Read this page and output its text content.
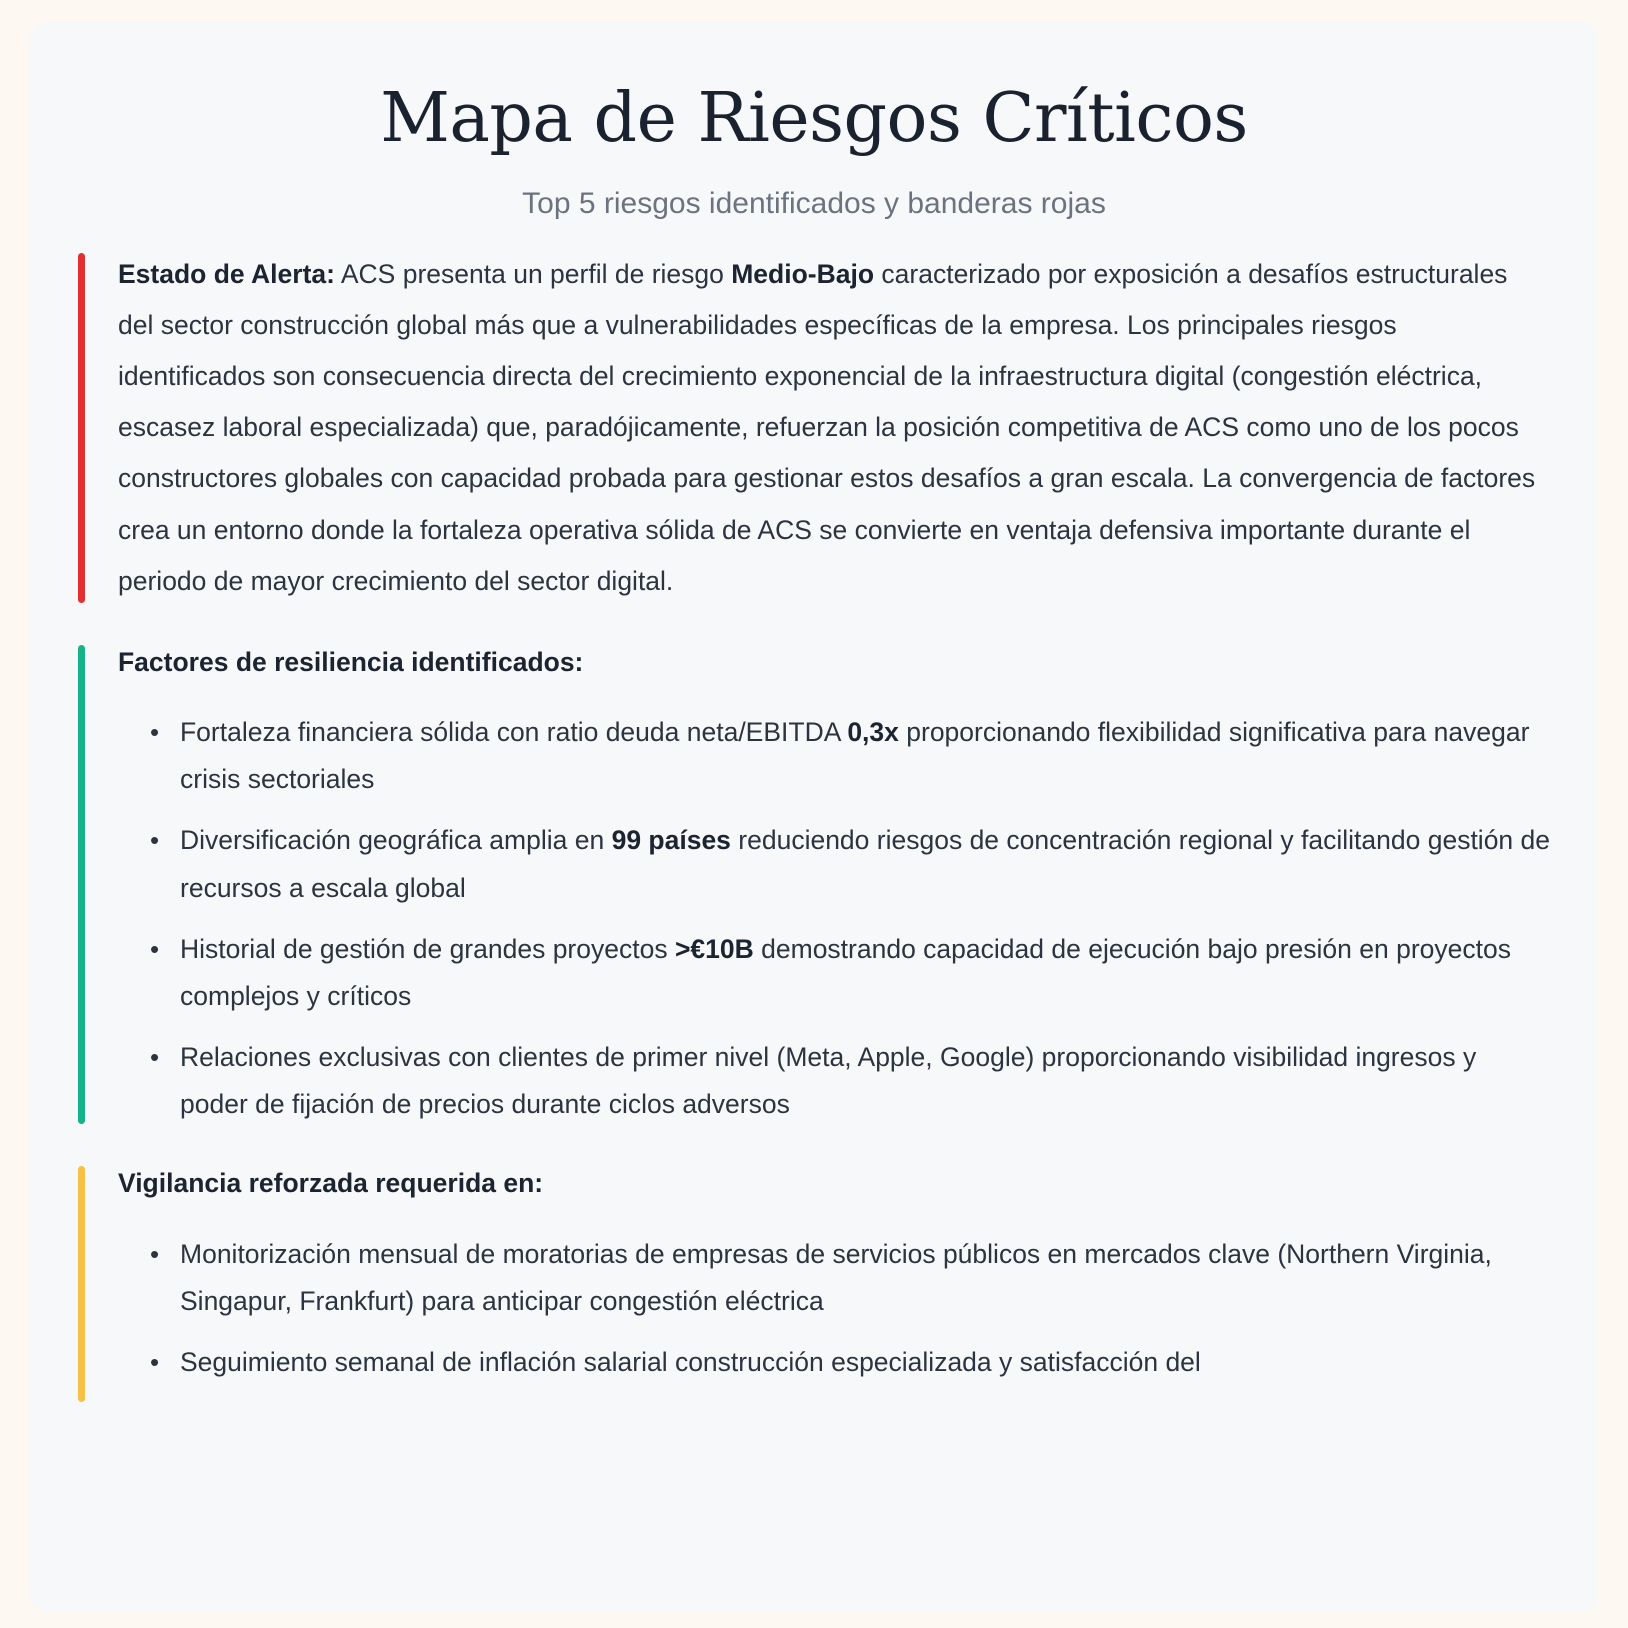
Mapa de Riesgos Críticos

Top 5 riesgos identificados y banderas rojas

Estado de Alerta: ACS presenta un perfil de riesgo Medio-Bajo caracterizado por exposición a desafíos estructurales del sector construcción global más que a vulnerabilidades específicas de la empresa. Los principales riesgos identificados son consecuencia directa del crecimiento exponencial de la infraestructura digital (congestión eléctrica, escasez laboral especializada) que, paradójicamente, refuerzan la posición competitiva de ACS como uno de los pocos constructores globales con capacidad probada para gestionar estos desafíos a gran escala. La convergencia de factores crea un entorno donde la fortaleza operativa sólida de ACS se convierte en ventaja defensiva importante durante el periodo de mayor crecimiento del sector digital.

Factores de resiliencia identificados:

• Fortaleza financiera sólida con ratio deuda neta/EBITDA 0,3x proporcionando flexibilidad significativa para navegar crisis sectoriales
• Diversificación geográfica amplia en 99 países reduciendo riesgos de concentración regional y facilitando gestión de recursos a escala global
• Historial de gestión de grandes proyectos >€10B demostrando capacidad de ejecución bajo presión en proyectos complejos y críticos
• Relaciones exclusivas con clientes de primer nivel (Meta, Apple, Google) proporcionando visibilidad ingresos y poder de fijación de precios durante ciclos adversos

Vigilancia reforzada requerida en:

• Monitorización mensual de moratorias de empresas de servicios públicos en mercados clave (Northern Virginia, Singapur, Frankfurt) para anticipar congestión eléctrica
• Seguimiento semanal de inflación salarial construcción especializada y satisfacción del
